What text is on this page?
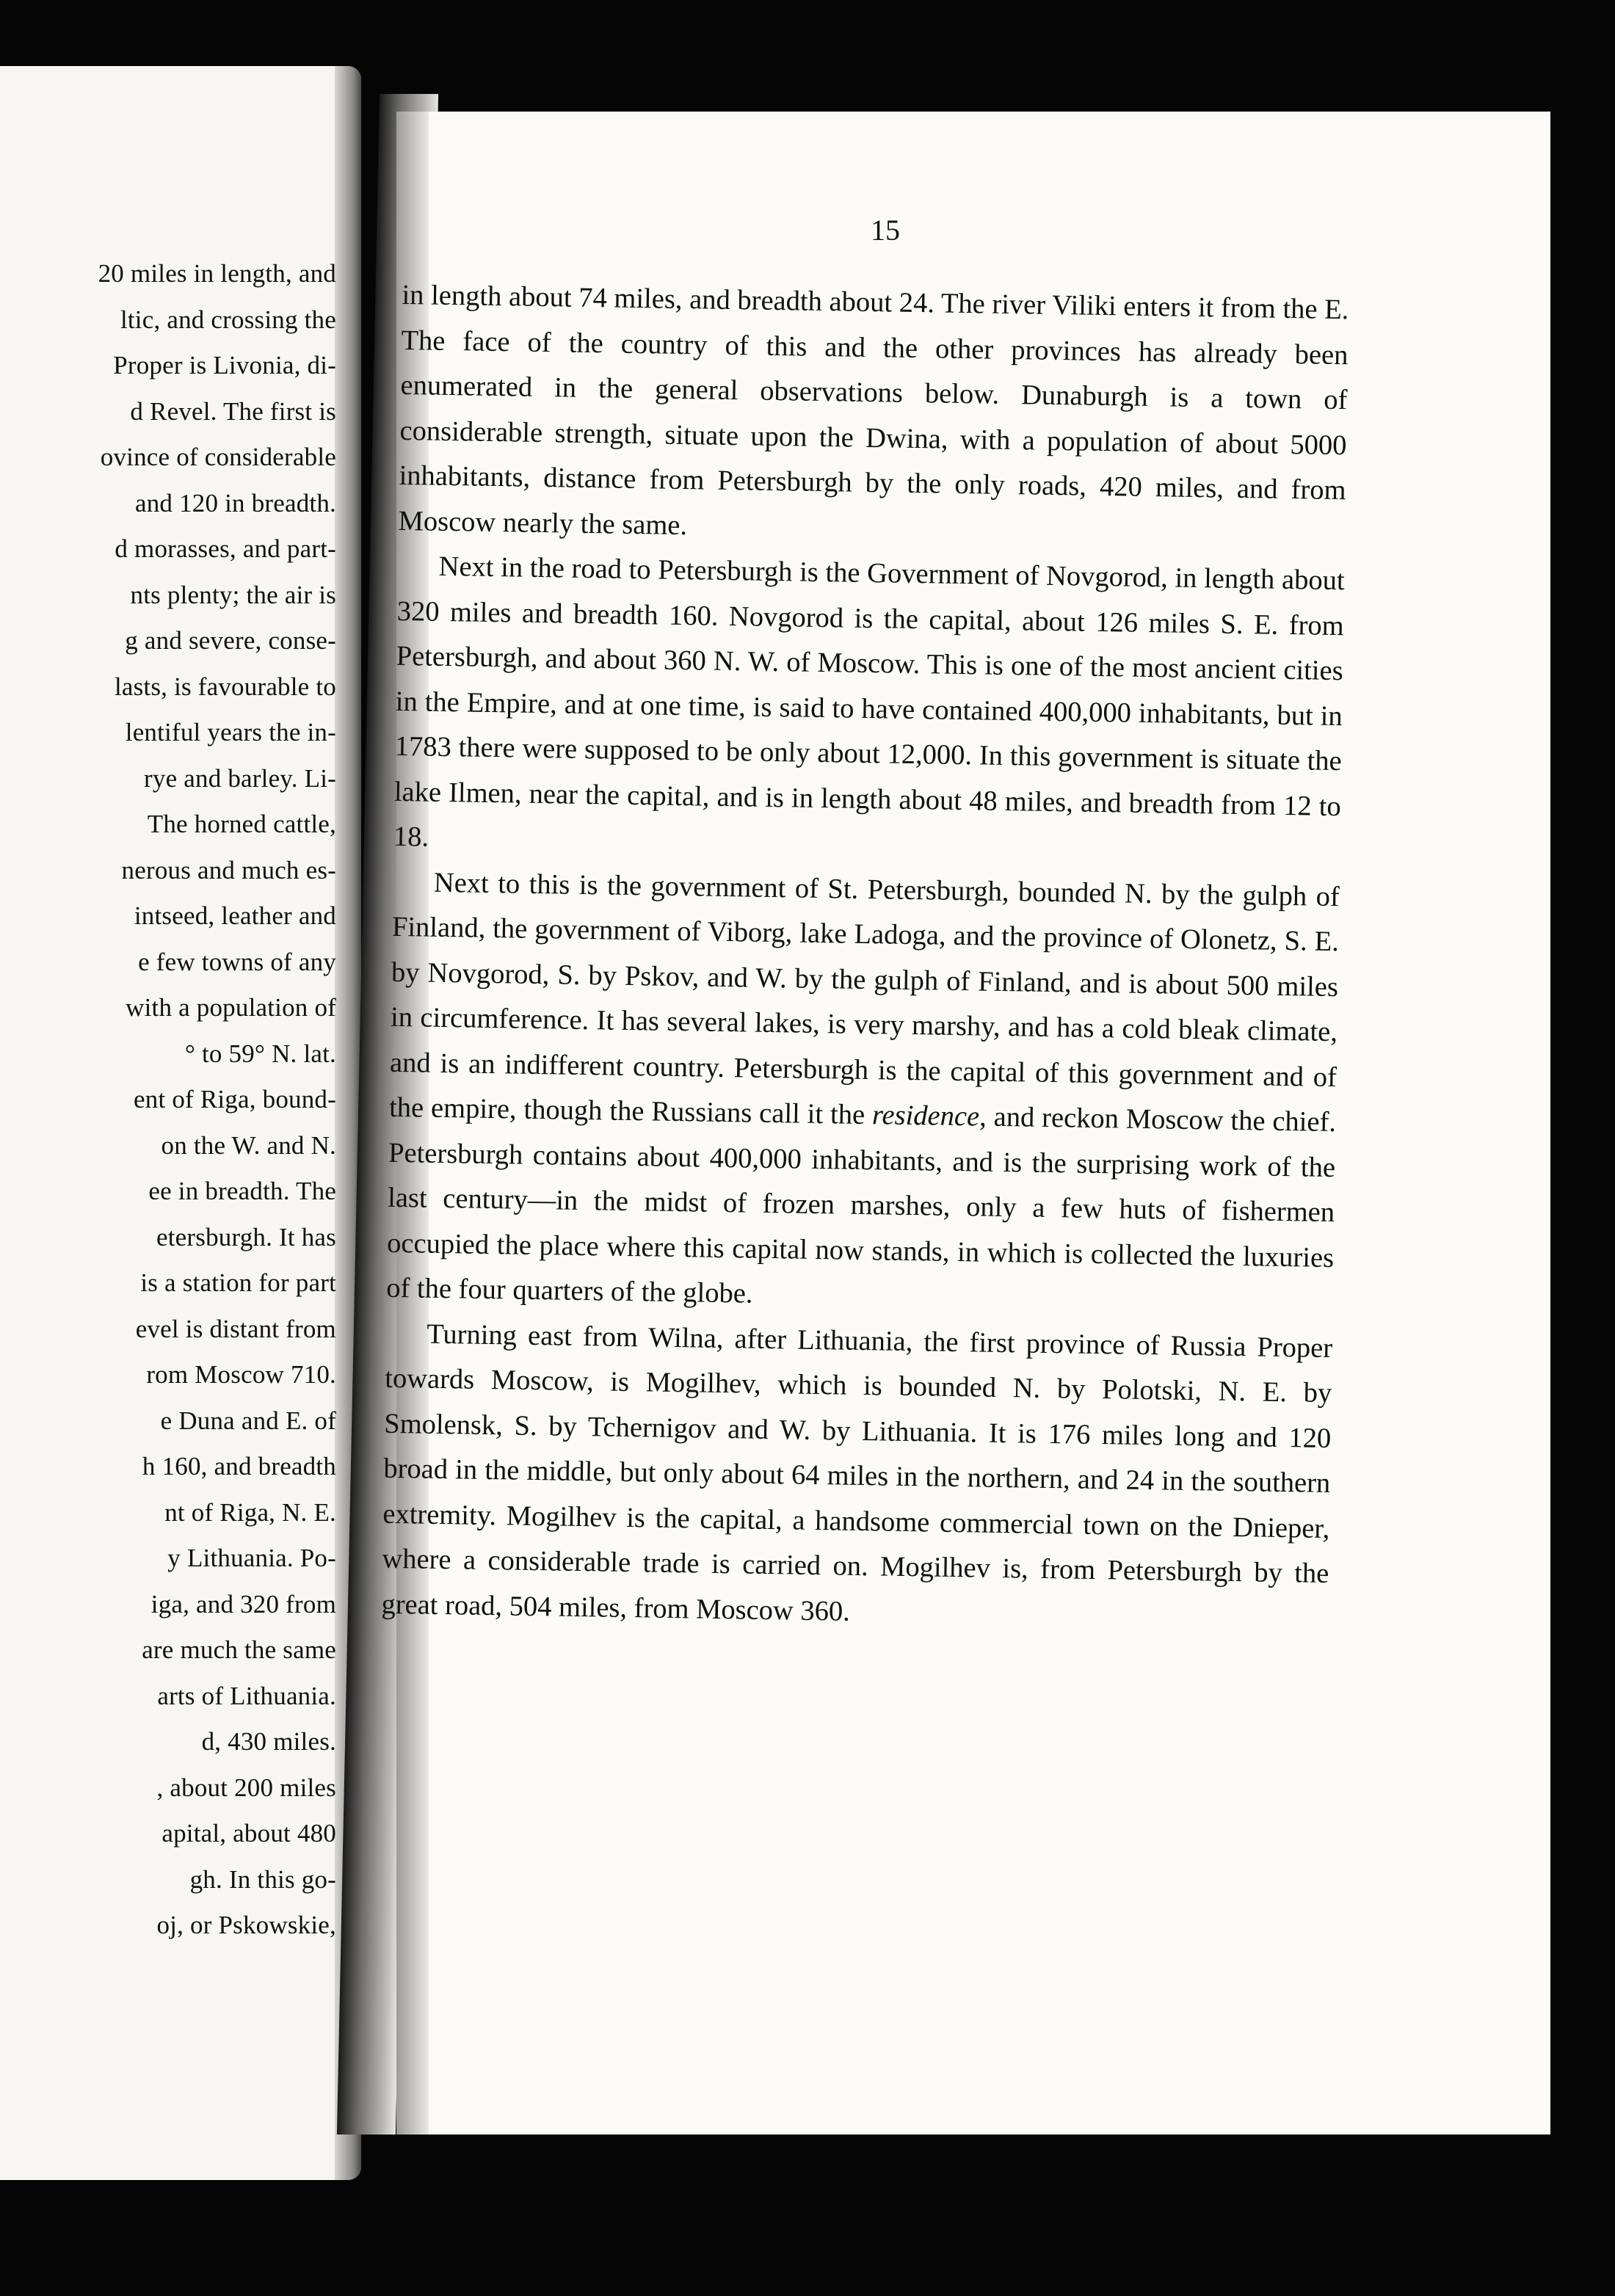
20 miles in length, and
ltic, and crossing the
Proper is Livonia, di-
d Revel. The first is
ovince of considerable
and 120 in breadth.
d morasses, and part-
nts plenty; the air is
g and severe, conse-
lasts, is favourable to
lentiful years the in-
rye and barley. Li-
The horned cattle,
nerous and much es-
intseed, leather and
e few towns of any
with a population of
° to 59° N. lat.
ent of Riga, bound-
on the W. and N.
ee in breadth. The
etersburgh. It has
is a station for part
evel is distant from
rom Moscow 710.
e Duna and E. of
h 160, and breadth
nt of Riga, N. E.
y Lithuania. Po-
iga, and 320 from
are much the same
arts of Lithuania.
d, 430 miles.
, about 200 miles
apital, about 480
gh. In this go-
oj, or Pskowskie,
15

in length about 74 miles, and breadth about 24. The river Viliki enters it from the E. The face of the country of this and the other provinces has already been enumerated in the general observations below. Dunaburgh is a town of considerable strength, situate upon the Dwina, with a population of about 5000 inhabitants, distance from Petersburgh by the only roads, 420 miles, and from Moscow nearly the same.

Next in the road to Petersburgh is the Government of Novgorod, in length about 320 miles and breadth 160. Novgorod is the capital, about 126 miles S. E. from Petersburgh, and about 360 N. W. of Moscow. This is one of the most ancient cities in the Empire, and at one time, is said to have contained 400,000 inhabitants, but in 1783 there were supposed to be only about 12,000. In this government is situate the lake Ilmen, near the capital, and is in length about 48 miles, and breadth from 12 to 18.

Next to this is the government of St. Petersburgh, bounded N. by the gulph of Finland, the government of Viborg, lake Ladoga, and the province of Olonetz, S. E. by Novgorod, S. by Pskov, and W. by the gulph of Finland, and is about 500 miles in circumference. It has several lakes, is very marshy, and has a cold bleak climate, and is an indifferent country. Petersburgh is the capital of this government and of the empire, though the Russians call it the residence, and reckon Moscow the chief. Petersburgh contains about 400,000 inhabitants, and is the surprising work of the last century—in the midst of frozen marshes, only a few huts of fishermen occupied the place where this capital now stands, in which is collected the luxuries of the four quarters of the globe.

Turning east from Wilna, after Lithuania, the first province of Russia Proper towards Moscow, is Mogilhev, which is bounded N. by Polotski, N. E. by Smolensk, S. by Tchernigov and W. by Lithuania. It is 176 miles long and 120 broad in the middle, but only about 64 miles in the northern, and 24 in the southern extremity. Mogilhev is the capital, a handsome commercial town on the Dnieper, where a considerable trade is carried on. Mogilhev is, from Petersburgh by the great road, 504 miles, from Moscow 360.
